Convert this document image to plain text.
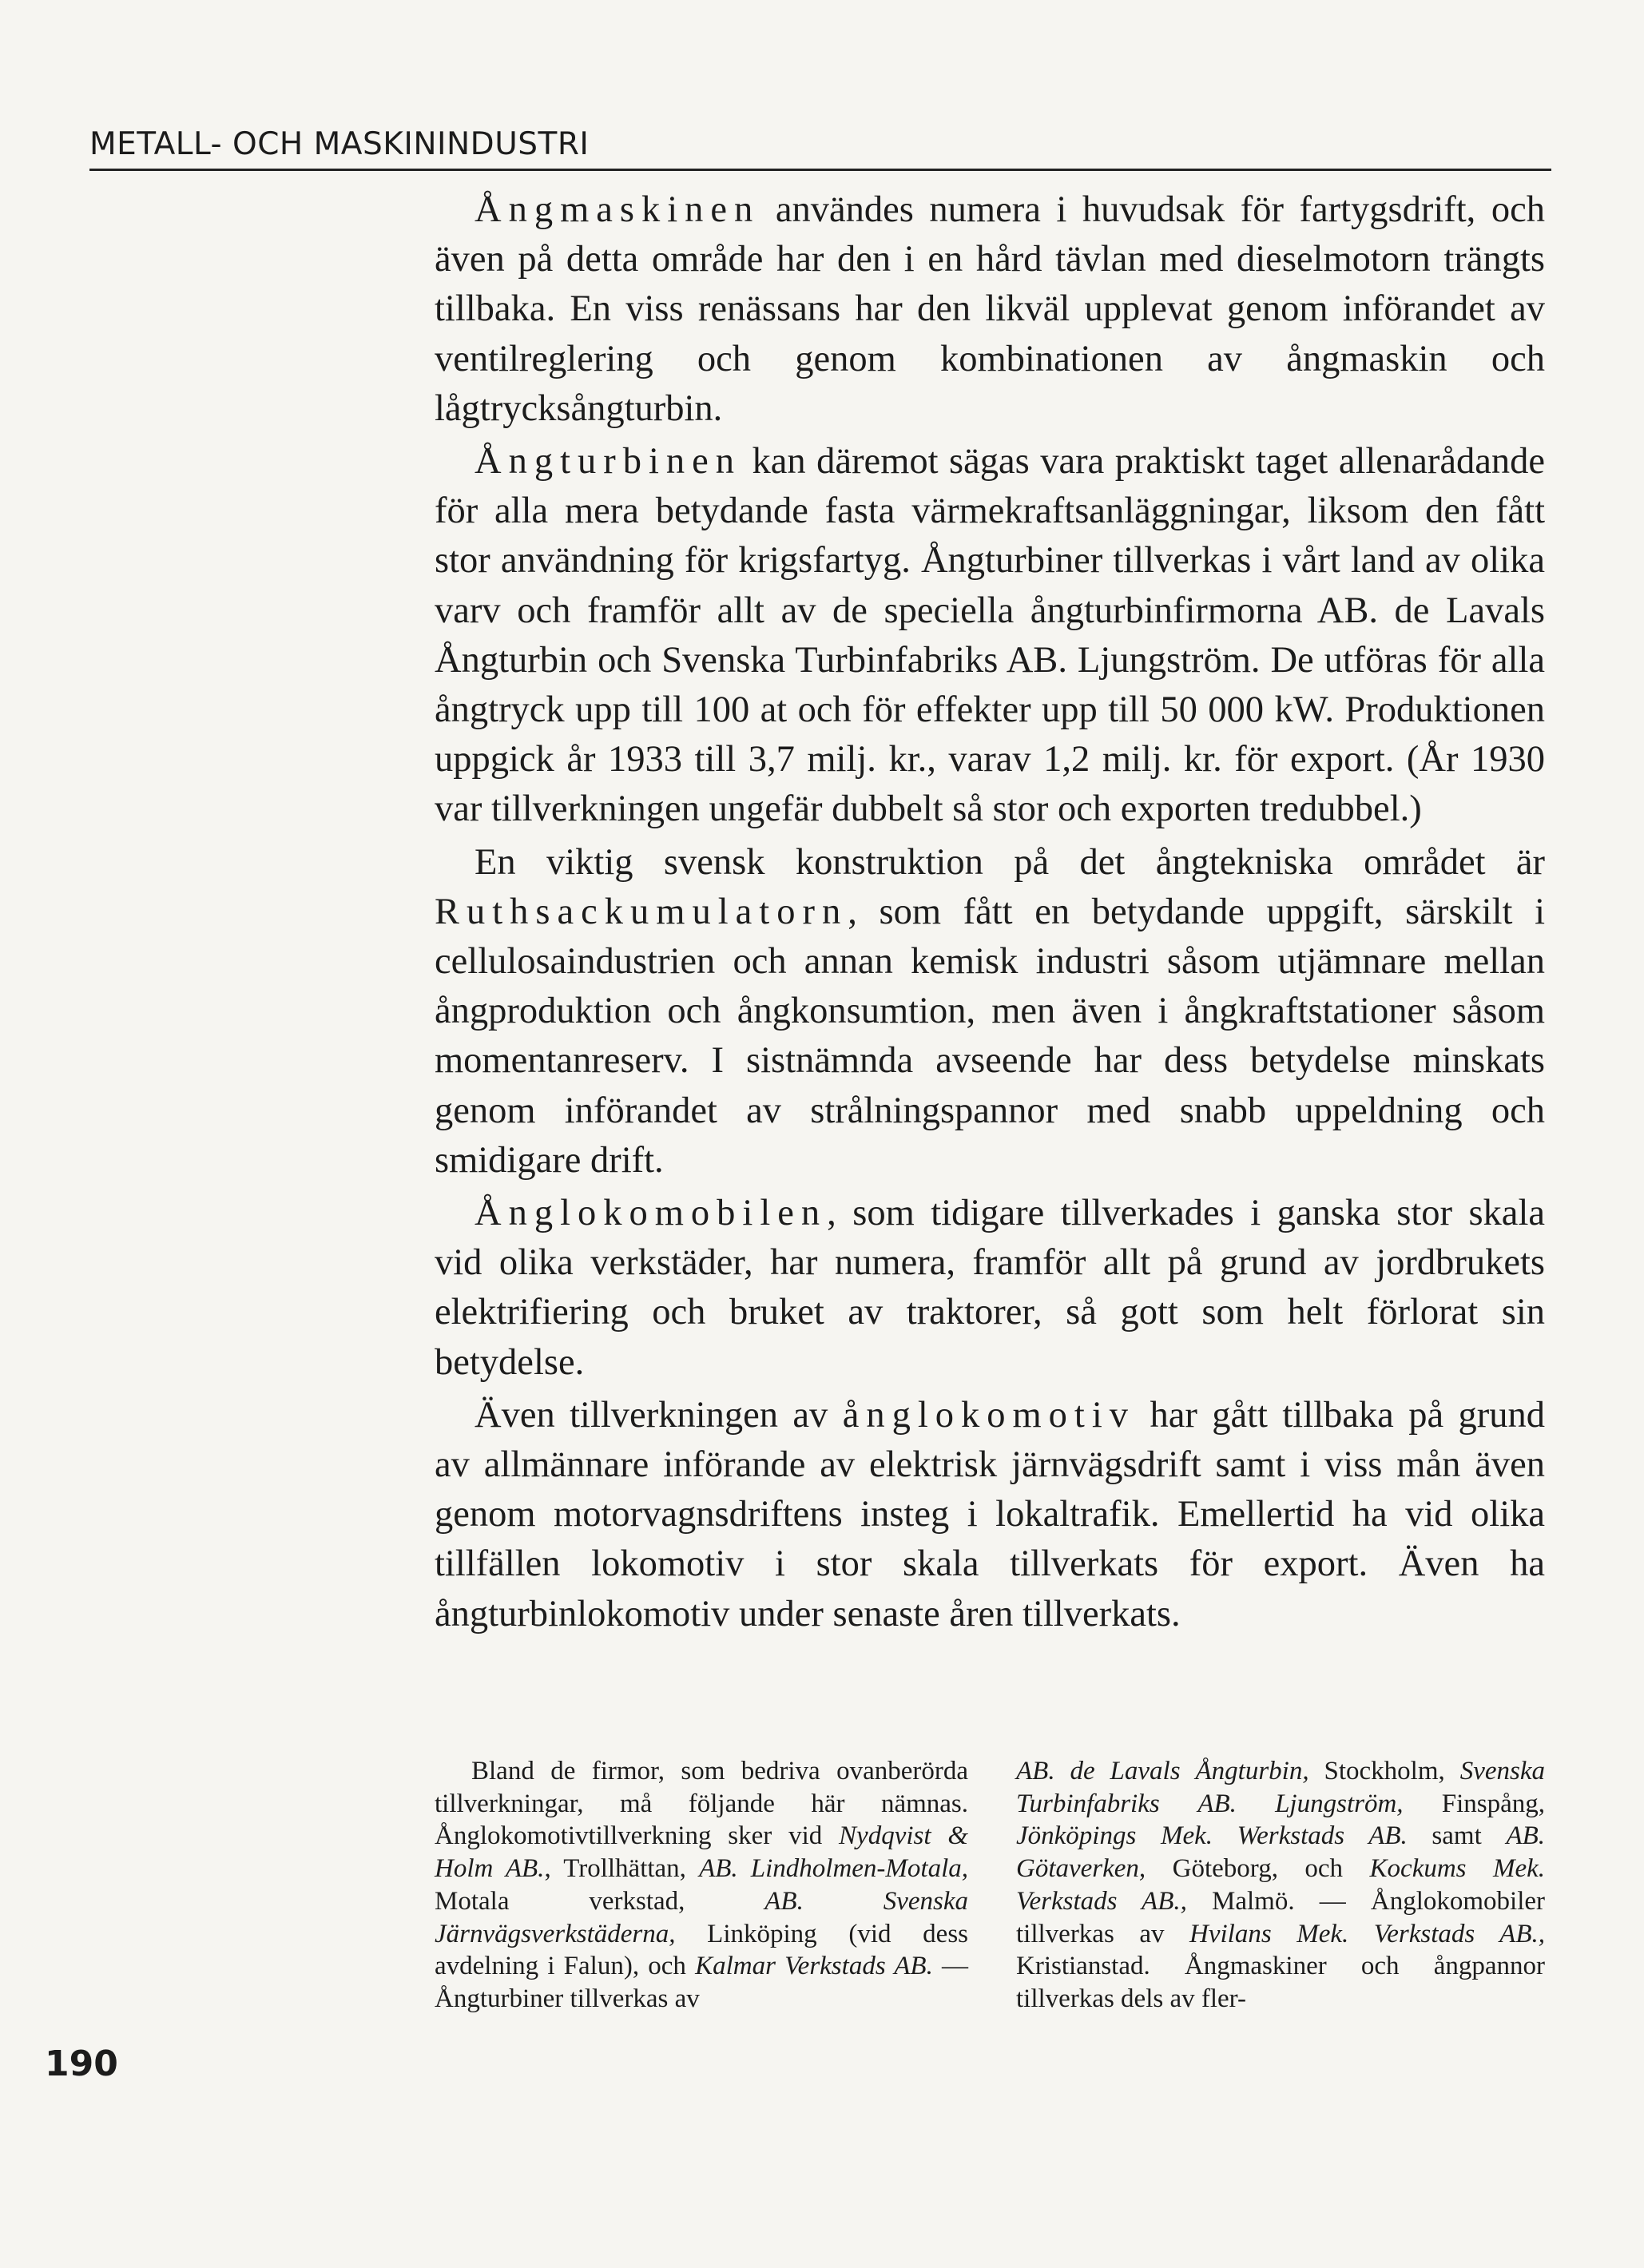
METALL- OCH MASKININDUSTRI

Ångmaskinen användes numera i huvudsak för fartygsdrift, och även på detta område har den i en hård tävlan med dieselmotorn trängts tillbaka. En viss renässans har den likväl upplevat genom införandet av ventilreglering och genom kombinationen av ångmaskin och lågtrycksångturbin.

Ångturbinen kan däremot sägas vara praktiskt taget allenarådande för alla mera betydande fasta värmekraftsanläggningar, liksom den fått stor användning för krigsfartyg. Ångturbiner tillverkas i vårt land av olika varv och framför allt av de speciella ångturbinfirmorna AB. de Lavals Ångturbin och Svenska Turbinfabriks AB. Ljungström. De utföras för alla ångtryck upp till 100 at och för effekter upp till 50 000 kW. Produktionen uppgick år 1933 till 3,7 milj. kr., varav 1,2 milj. kr. för export. (År 1930 var tillverkningen ungefär dubbelt så stor och exporten tredubbel.)

En viktig svensk konstruktion på det ångtekniska området är Ruthsackumulatorn, som fått en betydande uppgift, särskilt i cellulosaindustrien och annan kemisk industri såsom utjämnare mellan ångproduktion och ångkonsumtion, men även i ångkraftstationer såsom momentanreserv. I sistnämnda avseende har dess betydelse minskats genom införandet av strålningspannor med snabb uppeldning och smidigare drift.

Ånglokomobilen, som tidigare tillverkades i ganska stor skala vid olika verkstäder, har numera, framför allt på grund av jordbrukets elektrifiering och bruket av traktorer, så gott som helt förlorat sin betydelse.

Även tillverkningen av ånglokomotiv har gått tillbaka på grund av allmännare införande av elektrisk järnvägsdrift samt i viss mån även genom motorvagnsdriftens insteg i lokaltrafik. Emellertid ha vid olika tillfällen lokomotiv i stor skala tillverkats för export. Även ha ångturbinlokomotiv under senaste åren tillverkats.

Bland de firmor, som bedriva ovanberörda tillverkningar, må följande här nämnas. Ånglokomotivtillverkning sker vid Nydqvist & Holm AB., Trollhättan, AB. Lindholmen-Motala, Motala verkstad, AB. Svenska Järnvägsverkstäderna, Linköping (vid dess avdelning i Falun), och Kalmar Verkstads AB. — Ångturbiner tillverkas av

AB. de Lavals Ångturbin, Stockholm, Svenska Turbinfabriks AB. Ljungström, Finspång, Jönköpings Mek. Werkstads AB. samt AB. Götaverken, Göteborg, och Kockums Mek. Verkstads AB., Malmö. — Ånglokomobiler tillverkas av Hvilans Mek. Verkstads AB., Kristianstad. Ångmaskiner och ångpannor tillverkas dels av fler-

190
